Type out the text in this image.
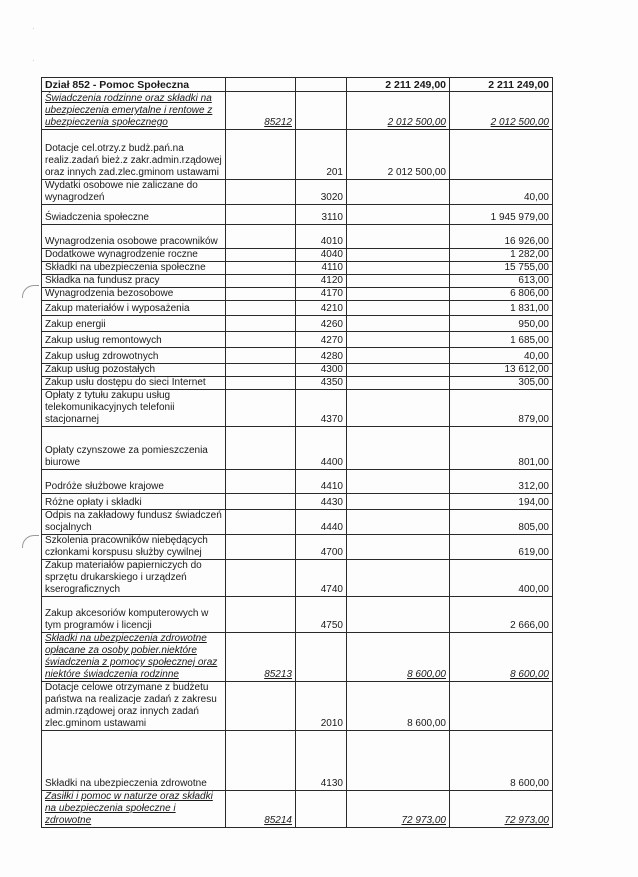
·
·
Dział 852 - Pomoc Społeczna			2 211 249,00	2 211 249,00
Świadczenia rodzinne oraz składki na ubezpieczenia emerytalne i rentowe z ubezpieczenia społecznego	85212		2 012 500,00	2 012 500,00
Dotacje cel.otrzy.z budż.pań.na realiz.zadań bież.z zakr.admin.rządowej oraz innych zad.zlec.gminom ustawami		201	2 012 500,00	
Wydatki osobowe nie zaliczane do wynagrodzeń		3020		40,00
Świadczenia społeczne		3110		1 945 979,00
Wynagrodzenia osobowe pracowników		4010		16 926,00
Dodatkowe wynagrodzenie roczne		4040		1 282,00
Składki na ubezpieczenia społeczne		4110		15 755,00
Składka na fundusz pracy		4120		613,00
Wynagrodzenia bezosobowe		4170		6 806,00
Zakup materiałów i wyposażenia		4210		1 831,00
Zakup energii		4260		950,00
Zakup usług remontowych		4270		1 685,00
Zakup usług zdrowotnych		4280		40,00
Zakup usług pozostałych		4300		13 612,00
Zakup usłu dostępu do sieci Internet		4350		305,00
Opłaty z tytułu zakupu usług telekomunikacyjnych telefonii stacjonarnej		4370		879,00
Opłaty czynszowe za pomieszczenia biurowe		4400		801,00
Podróże służbowe krajowe		4410		312,00
Różne opłaty i składki		4430		194,00
Odpis na zakładowy fundusz świadczeń socjalnych		4440		805,00
Szkolenia pracowników niebędących członkami korspusu służby cywilnej		4700		619,00
Zakup materiałów papierniczych do sprzętu drukarskiego i urządzeń kserograficznych		4740		400,00
Zakup akcesoriów komputerowych w tym programów i licencji		4750		2 666,00
Składki na ubezpieczenia zdrowotne opłacane za osoby pobier.niektóre świadczenia z pomocy społecznej oraz niektóre świadczenia rodzinne	85213		8 600,00	8 600,00
Dotacje celowe otrzymane z budżetu państwa na realizacje zadań z zakresu admin.rządowej oraz innych zadań zlec.gminom ustawami		2010	8 600,00	
Składki na ubezpieczenia zdrowotne		4130		8 600,00
Zasiłki i pomoc w naturze oraz składki na ubezpieczenia społeczne i zdrowotne	85214		72 973,00	72 973,00
